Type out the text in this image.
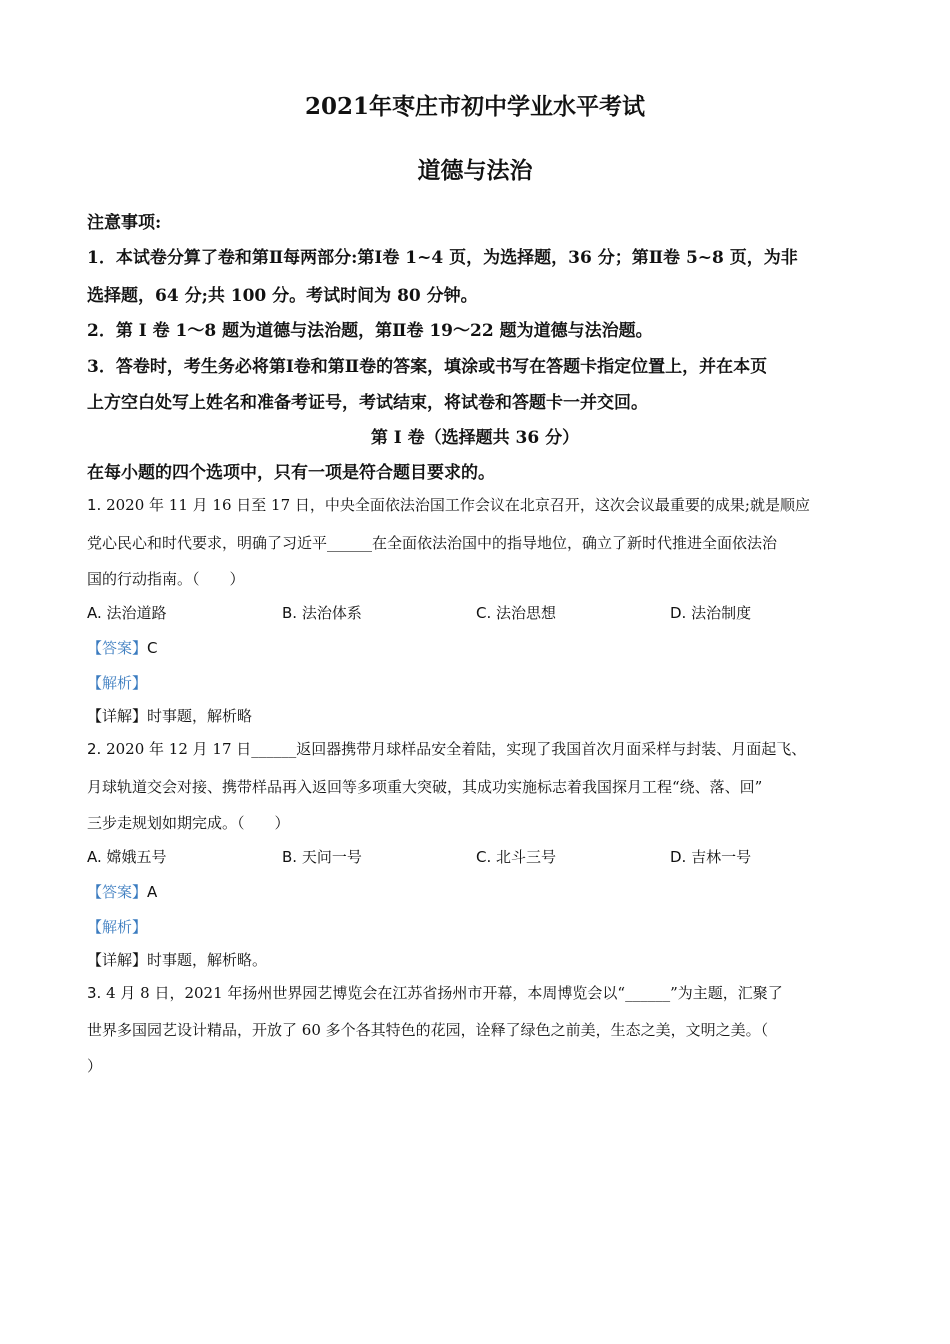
2021年枣庄市初中学业水平考试
道德与法治
注意事项:
1．本试卷分算了卷和第Ⅱ每两部分:第Ⅰ卷 1~4 页，为选择题，36 分；第Ⅱ卷 5~8 页，为非
选择题，64 分;共 100 分。考试时间为 80 分钟。
2．第 I 卷 1～8 题为道德与法治题，第Ⅱ卷 19～22 题为道德与法治题。
3．答卷时，考生务必将第Ⅰ卷和第Ⅱ卷的答案，填涂或书写在答题卡指定位置上，并在本页
上方空白处写上姓名和准备考证号，考试结束，将试卷和答题卡一并交回。
第 I 卷（选择题共 36 分）
在每小题的四个选项中，只有一项是符合题目要求的。
1. 2020 年 11 月 16 日至 17 日，中央全面依法治国工作会议在北京召开，这次会议最重要的成果;就是顺应
党心民心和时代要求，明确了习近平______在全面依法治国中的指导地位，确立了新时代推进全面依法治
国的行动指南。（　　）
A. 法治道路	B. 法治体系	C. 法治思想	D. 法治制度
【答案】C
【解析】
【详解】时事题，解析略
2. 2020 年 12 月 17 日______返回器携带月球样品安全着陆，实现了我国首次月面采样与封装、月面起飞、
月球轨道交会对接、携带样品再入返回等多项重大突破，其成功实施标志着我国探月工程“绕、落、回”
三步走规划如期完成。（　　）
A. 嫦娥五号	B. 天问一号	C. 北斗三号	D. 吉林一号
【答案】A
【解析】
【详解】时事题，解析略。
3. 4 月 8 日，2021 年扬州世界园艺博览会在江苏省扬州市开幕，本周博览会以“______”为主题，汇聚了
世界多国园艺设计精品，开放了 60 多个各其特色的花园，诠释了绿色之前美，生态之美，文明之美。（
）
